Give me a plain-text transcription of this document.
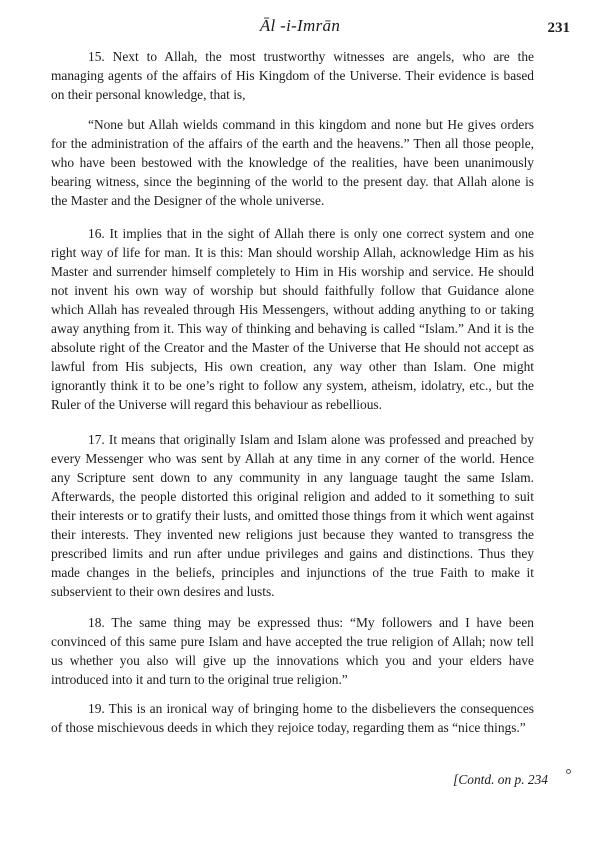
Āl -i-Imrān	231

15. Next to Allah, the most trustworthy witnesses are angels, who are the managing agents of the affairs of His Kingdom of the Universe. Their evidence is based on their personal knowledge, that is,

“None but Allah wields command in this kingdom and none but He gives orders for the administration of the affairs of the earth and the heavens.” Then all those people, who have been bestowed with the knowledge of the realities, have been unanimously bearing witness, since the beginning of the world to the present day. that Allah alone is the Master and the Designer of the whole universe.

16. It implies that in the sight of Allah there is only one correct system and one right way of life for man. It is this: Man should worship Allah, acknowledge Him as his Master and surrender himself completely to Him in His worship and service. He should not invent his own way of worship but should faithfully follow that Guidance alone which Allah has revealed through His Messengers, without adding anything to or taking away anything from it. This way of thinking and behaving is called “Islam.” And it is the absolute right of the Creator and the Master of the Universe that He should not accept as lawful from His subjects, His own creation, any way other than Islam. One might ignorantly think it to be one’s right to follow any system, atheism, idolatry, etc., but the Ruler of the Universe will regard this behaviour as rebellious.

17. It means that originally Islam and Islam alone was professed and preached by every Messenger who was sent by Allah at any time in any corner of the world. Hence any Scripture sent down to any community in any language taught the same Islam. Afterwards, the people distorted this original religion and added to it something to suit their interests or to gratify their lusts, and omitted those things from it which went against their interests. They invented new religions just because they wanted to transgress the prescribed limits and run after undue privileges and gains and distinctions. Thus they made changes in the beliefs, principles and injunctions of the true Faith to make it subservient to their own desires and lusts.

18. The same thing may be expressed thus: “My followers and I have been convinced of this same pure Islam and have accepted the true religion of Allah; now tell us whether you also will give up the innovations which you and your elders have introduced into it and turn to the original true religion.”

19. This is an ironical way of bringing home to the disbelievers the consequences of those mischievous deeds in which they rejoice today, regarding them as “nice things.”

[Contd. on p. 234
